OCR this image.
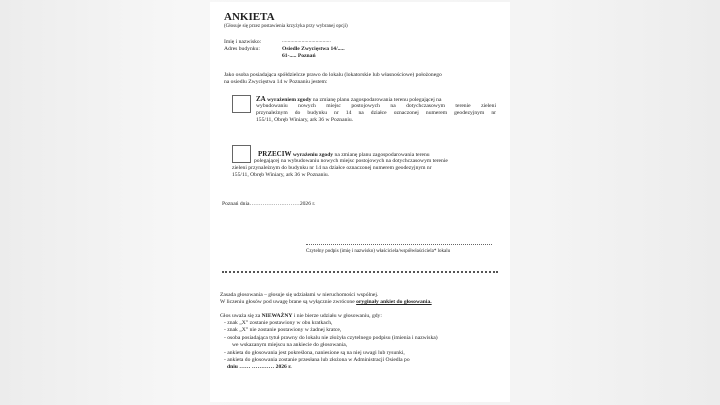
ANKIETA
(Głosuje się przez postawienia krzyżyka przy wybranej opcji)
Imię i nazwisko:	...................................
Adres budynku:	Osiedle Zwycięstwa 14/.....
61-..... Poznań
Jako osoba posiadająca spółdzielcze prawo do lokalu (lokatorskie lub własnościowe) położonego
na osiedlu Zwycięstwa 14 w Poznaniu jestem:
ZA wyrażeniem zgody na zmianę planu zagospodarowania terenu polegającej na
wybudowaniu nowych miejsc postojowych na dotychczasowym terenie zieleni
przynależnym do budynku nr 14 na działce oznaczonej numerem geodezyjnym nr
155/11, Obręb Winiary, ark 36 w Poznaniu.
PRZECIW wyrażeniu zgody na zmianę planu zagospodarowania terenu
polegającej na wybudowaniu nowych miejsc postojowych na dotychczasowym terenie
zieleni przynależnym do budynku nr 14 na działce oznaczonej numerem geodezyjnym nr
155/11, Obręb Winiary, ark 36 w Poznaniu.
Poznań dnia………………………2026 r.
Czytelny podpis (imię i nazwisko) właściciela/współwłaściciela* lokalu
Zasada głosowania – głosuje się udziałami w nieruchomości wspólnej.
W liczeniu głosów pod uwagę brane są wyłącznie zwrócone oryginały ankiet do głosowania.
Głos uważa się za NIEWAŻNY i nie bierze udziału w głosowaniu, gdy:
- znak „X” zostanie postawiony w obu kratkach,
- znak „X” nie zostanie postawiony w żadnej kratce,
- osoba posiadająca tytuł prawny do lokalu nie złożyła czytelnego podpisu (imienia i nazwiska)
we wskazanym miejscu na ankiecie do głosowania,
- ankieta do głosowania jest pokreślona, naniesione są na niej uwagi lub rysunki,
- ankieta do głosowania zostanie przesłana lub złożona w Administracji Osiedla po
dniu …… ………… 2026 r.
